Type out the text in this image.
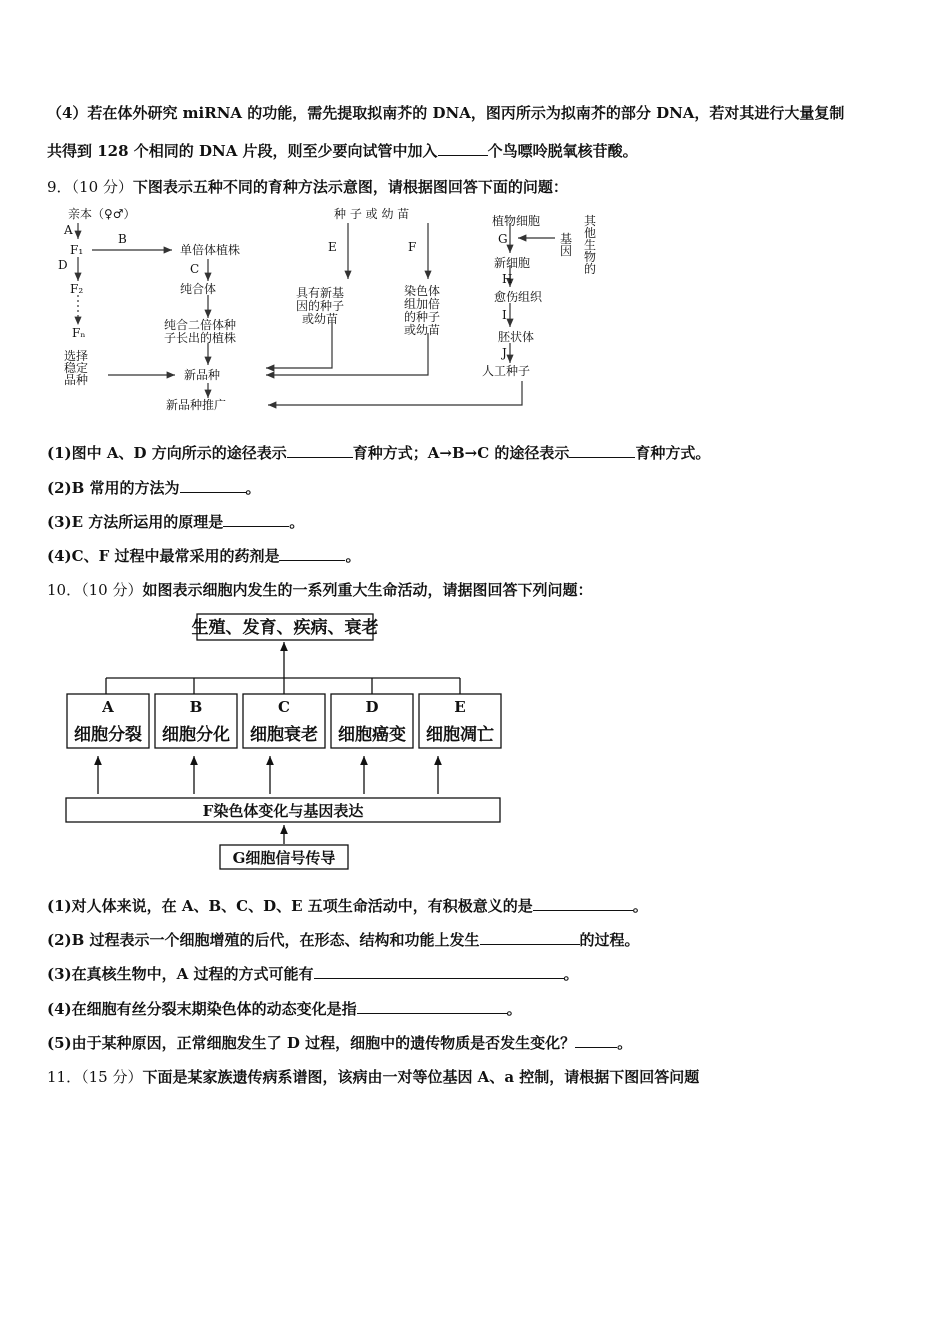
（4）若在体外研究 miRNA 的功能，需先提取拟南芥的 DNA，图丙所示为拟南芥的部分 DNA，若对其进行大量复制
共得到 128 个相同的 DNA 片段，则至少要向试管中加入	个鸟嘌呤脱氧核苷酸。
9．（10 分）下图表示五种不同的育种方法示意图，请根据图回答下面的问题：
亲本（♀♂）
A
F₁
B
D
F₂
Fₙ
单倍体植株
C
纯合体
纯合二倍体种
子长出的植株
选择
稳定
品种	新品种
新品种推广
种 子 或 幼 苗
E	F
具有新基
因的种子
或幼苗
染色体
组加倍
的种子
或幼苗
植物细胞
G
其
他
生
物
的
基
因
新细胞
H
愈伤组织
I
胚状体
J
人工种子
(1)图中 A、D 方向所示的途径表示	育种方式；A→B→C 的途径表示	育种方式。
(2)B 常用的方法为	。
(3)E 方法所运用的原理是	。
(4)C、F 过程中最常采用的药剂是	。
10．（10 分）如图表示细胞内发生的一系列重大生命活动，请据图回答下列问题：
生殖、发育、疾病、衰老
A
细胞分裂
B
细胞分化
C
细胞衰老
D
细胞癌变
E
细胞凋亡
F染色体变化与基因表达
G细胞信号传导
(1)对人体来说，在 A、B、C、D、E 五项生命活动中，有积极意义的是	。
(2)B 过程表示一个细胞增殖的后代，在形态、结构和功能上发生	的过程。
(3)在真核生物中，A 过程的方式可能有	。
(4)在细胞有丝分裂末期染色体的动态变化是指	。
(5)由于某种原因，正常细胞发生了 D 过程，细胞中的遗传物质是否发生变化？	。
11．（15 分）下面是某家族遗传病系谱图，该病由一对等位基因 A、a 控制，请根据下图回答问题
